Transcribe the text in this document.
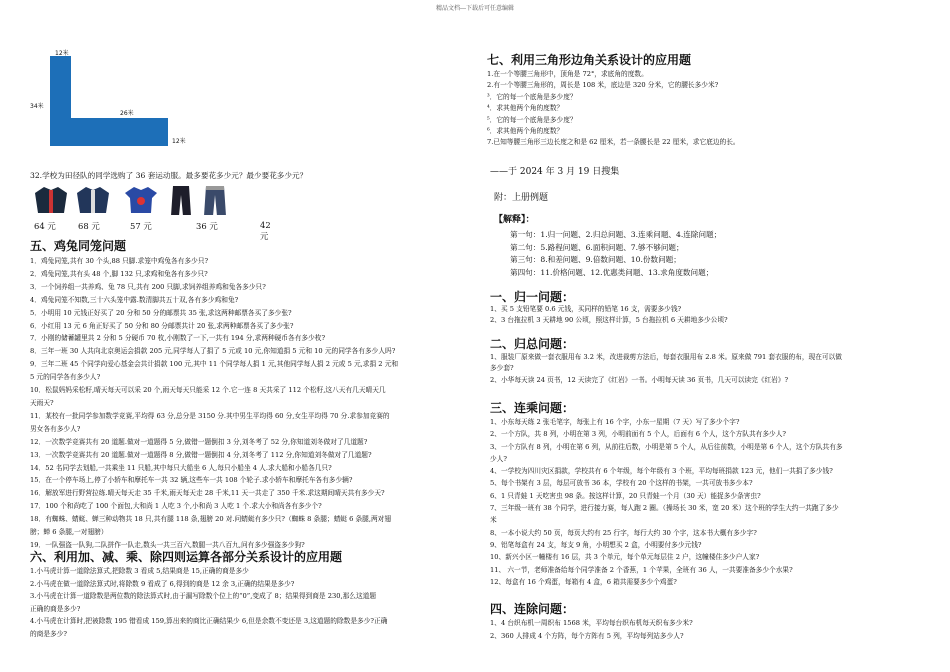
精品文档---下载后可任意编辑
12米
34米
26米
12米
32.学校为田径队的同学选购了 36 套运动服。最多要花多少元？最少要花多少元？
64 元	68 元	57 元	36 元	42 元
五、鸡兔同笼问题
1．鸡兔同笼,共有 30 个头,88 只脚.求笼中鸡兔各有多少只?
2．鸡兔同笼,共有头 48 个,脚 132 只,求鸡和兔各有多少只?
3．一个饲养组一共养鸡、兔 78 只,共有 200 只脚,求饲养组养鸡和兔各多少只?
4．鸡兔同笼不知数,三十六头笼中露.数清脚共五十双,各有多少鸡和兔?
5．小明用 10 元钱正好买了 20 分和 50 分的邮票共 35 张,求这两种邮票各买了多少张?
6．小红用 13 元 6 角正好买了 50 分和 80 分邮票共计 20 张,求两种邮票各买了多少张?
7．小刚的储蓄罐里共 2 分和 5 分硬币 70 枚,小刚数了一下,一共有 194 分,求两种硬币各有多少枚?
8．三年一班 30 人共向北京奥运会捐款 205 元,同学每人了捐了 5 元或 10 元,你知道捐 5 元和 10 元的同学各有多少人吗?
9．三年二班 45 个同学向爱心基金会共计捐款 100 元,其中 11 个同学每人捐 1 元,其他同学每人捐 2 元或 5 元,求捐 2 元和
5 元的同学各有多少人?
10．松鼠妈妈采松籽,晴天每天可以采 20 个,雨天每天只能采 12 个.它一连 8 天共采了 112 个松籽,这八天有几天晴天几
天雨天?
11．某校有一批同学参加数学竞赛,平均得 63 分,总分是 3150 分.其中男生平均得 60 分,女生平均得 70 分.求参加竞赛的
男女各有多少人?
12．一次数学竞赛共有 20 道题.做对一道题得 5 分,做错一题倒扣 3 分,刘冬考了 52 分,你知道刘冬做对了几道题?
13．一次数学竞赛共有 20 道题.做对一道题得 8 分,做错一题倒扣 4 分,刘冬考了 112 分,你知道刘冬做对了几道题?
14．52 名同学去划船,一共乘坐 11 只船,其中每只大船坐 6 人,每只小船坐 4 人.求大船和小船各几只?
15．在一个停车场上,停了小轿车和摩托车一共 32 辆,这些车一共 108 个轮子.求小轿车和摩托车各有多少辆?
16．解放军进行野营拉练.晴天每天走 35 千米,雨天每天走 28 千米,11 天一共走了 350 千米.求这期间晴天共有多少天?
17．100 个和尚吃了 100 个面包,大和尚 1 人吃 3 个,小和尚 3 人吃 1 个.求大小和尚各有多少个?
18．有蜘蛛、蜻蜓、蝉三种动物共 18 只,共有腿 118 条,翅膀 20 对.问蜻蜓有多少只?（蜘蛛 8 条腿；蜻蜓 6 条腿,两对翅
膀；蝉 6 条腿,一对翅膀）
19．一队强盗一队狗,二队拼作一队走,数头一共三百六,数腿一共八百九,问有多少强盗多少狗?
六、利用加、减、乘、除四则运算各部分关系设计的应用题
1.小马虎计算一道除法算式,把除数 3 看成 5,结果商是 15,正确的商是多少
2.小马虎在做一道除法算式时,将除数 9 看成了 6,得到的商是 12 余 3,正确的结果是多少?
3.小马虎在计算一道除数是两位数的除法算式时,由于漏写除数个位上的“0”,变成了 8；结果得到商是 230,那么这道题
正确的商是多少?
4.小马虎在计算时,把被除数 195 错看成 159,算出来的商比正确结果少 6,但是余数不变还是 3,这道题的除数是多少?正确
的商是多少?
七、利用三角形边角关系设计的应用题
1.在一个等腰三角形中，顶角是 72°，求底角的度数。
2.有一个等腰三角形的，周长是 108 米，底边是 320 分米，它的腰长多少米?
³．它的每一个底角是多少度？
⁴．求其他两个角的度数？
⁵．它的每一个底角是多少度？
⁶．求其他两个角的度数？
7.已知等腰三角形三边长度之和是 62 厘米，若一条腰长是 22 厘米，求它底边的长。
——于 2024 年 3 月 19 日搜集
附：上册例题
【解释】：
第一句：1.归一问题、2.归总问题、3.连乘问题、4.连除问题；
第二句：5.路程问题、6.面积问题、7.够不够问题；
第三句：8.和差问题、9.倍数问题、10.份数问题；
第四句：11.价格问题、12.优惠类问题、13.求角度数问题；
一、归一问题：
1、买 5 支铅笔要 0.6 元钱，买同样的铅笔 16 支，需要多少钱?
2、3 台拖拉机 3 天耕地 90 公顷，照这样计算，5 台拖拉机 6 天耕地多少公顷?
二、归总问题：
1、服装厂原来做一套衣服用布 3.2 米，改进裁剪方法后，每套衣服用布 2.8 米。原来做 791 套衣服的布，现在可以做
多少套?
2、小华每天读 24 页书，12 天读完了《红岩》一书。小明每天读 36 页书，几天可以读完《红岩》?
三、连乘问题：
1、小东每天练 2 张毛笔字，每张上有 16 个字，小东一星期（7 天）写了多少个字?
2、一个方队，共 8 列，小明在第 3 列，小明前面有 5 个人，后面有 6 个人，这个方队共有多少人?
3、一个方队有 8 列，小明在第 6 列，从前往后数，小明是第 5 个人，从后往前数，小明是第 6 个人，这个方队共有多
少人?
4、一学校为四川灾区捐款，学校共有 6 个年级，每个年级有 3 个班，平均每班捐款 123 元，他们一共捐了多少钱?
5、每个书架有 3 层，每层可放书 36 本，学校有 20 个这样的书架，一共可放书多少本?
6、1 只青蛙 1 天吃害虫 98 条。按这样计算，20 只青蛙一个月（30 天）能捉多少条害虫?
7、三年级一班有 38 个同学，进行接力赛，每人跑 2 圈。（操场长 30 米，宽 20 米）这个班的学生大约一共跑了多少
米
8、一本小说大约 50 页，每页大约有 25 行字，每行大约 30 个字，这本书大概有多少字?
9、铝笔每盒有 24 支，每支 9 角，小明想买 2 盒，小明要付多少元钱?
10、新兴小区一幢楼有 16 层，共 3 个单元，每个单元每层住 2 户，这幢楼住多少户人家?
11、 六一节，老师准备给每个同学准备 2 个香蕉，1 个苹果，全班有 36 人，一共要准备多少个水果?
12、每盒有 16 个鸡蛋，每箱有 4 盒，6 箱共需要多少个鸡蛋?
四、连除问题：
1、4 台织布机一周织布 1568 米，平均每台织布机每天织布多少米?
2、360 人排成 4 个方阵，每个方阵有 5 列，平均每列站多少人?
